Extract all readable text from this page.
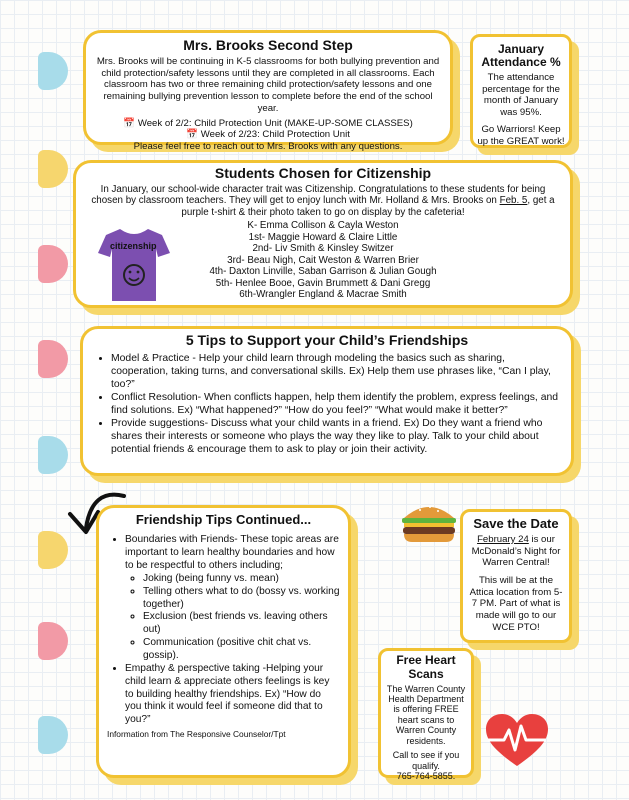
Mrs. Brooks Second Step

Mrs. Brooks will be continuing in K-5 classrooms for both bullying prevention and child protection/safety lessons until they are completed in all classrooms. Each classroom has two or three remaining child protection/safety lessons and one remaining bullying prevention lesson to complete before the end of the school year.

📅 Week of 2/2: Child Protection Unit (MAKE-UP-SOME CLASSES)

📅 Week of 2/23: Child Protection Unit

Please feel free to reach out to Mrs. Brooks with any questions.

January Attendance %

The attendance percentage for the month of January was 95%.

Go Warriors! Keep up the GREAT work!

Students Chosen for Citizenship

In January, our school-wide character trait was Citizenship. Congratulations to these students for being chosen by classroom teachers. They will get to enjoy lunch with Mr. Holland & Mrs. Brooks on Feb. 5, get a purple t-shirt & their photo taken to go on display by the cafeteria!

citizenship

K- Emma Collison & Cayla Weston

1st- Maggie Howard & Claire Little

2nd- Liv Smith & Kinsley Switzer

3rd- Beau Nigh, Cait Weston & Warren Brier

4th- Daxton Linville, Saban Garrison & Julian Gough

5th- Henlee Booe, Gavin Brummett & Dani Gregg

6th-Wrangler England & Macrae Smith

5 Tips to Support your Child’s Friendships
• Model & Practice - Help your child learn through modeling the basics such as sharing, cooperation, taking turns, and conversational skills. Ex) Help them use phrases like, “Can I play, too?”
• Conflict Resolution- When conflicts happen, help them identify the problem, express feelings, and find solutions. Ex) “What happened?” “How do you feel?” “What would make it better?”
• Provide suggestions- Discuss what your child wants in a friend. Ex) Do they want a friend who shares their interests or someone who plays the way they like to play. Talk to your child about potential friends & encourage them to ask to play or join their activity.
Friendship Tips Continued...
• Boundaries with Friends- These topic areas are important to learn healthy boundaries and how to be respectful to others including;
◦ Joking (being funny vs. mean)
◦ Telling others what to do (bossy vs. working together)
◦ Exclusion (best friends vs. leaving others out)
◦ Communication (positive chit chat vs. gossip).
• Empathy & perspective taking -Helping your child learn & appreciate others feelings is key to building healthy friendships. Ex) “How do you think it would feel if someone did that to you?”

Information from The Responsive Counselor/Tpt

Save the Date

February 24 is our McDonald’s Night for Warren Central!

This will be at the Attica location from 5-7 PM. Part of what is made will go to our WCE PTO!

Free Heart Scans

The Warren County Health Department is offering FREE heart scans to Warren County residents.

Call to see if you qualify.

765-764-5855.
